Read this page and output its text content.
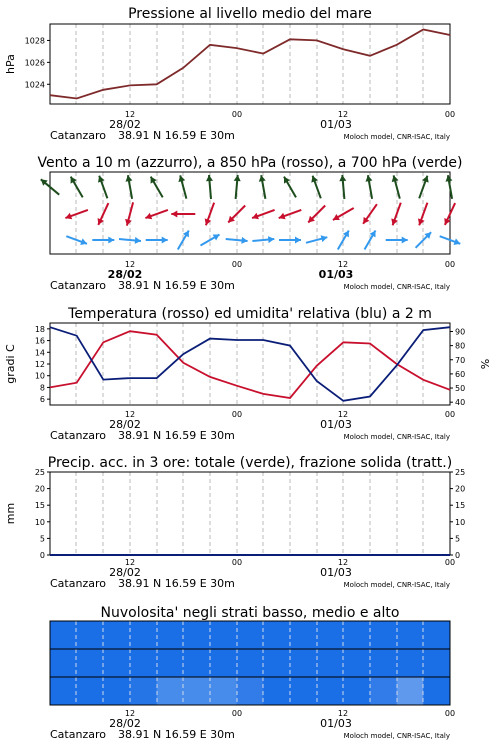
Pressione al livello medio del mare
12	00	12	00
28/02	01/03
Catanzaro 38.91 N 16.59 E 30m	Moloch model, CNR-ISAC, Italy
1024
1026
1028
hPa
Vento a 10 m (azzurro), a 850 hPa (rosso), a 700 hPa (verde)
12	00	12	00
28/02	01/03
Catanzaro 38.91 N 16.59 E 30m	Moloch model, CNR-ISAC, Italy
Temperatura (rosso) ed umidita' relativa (blu) a 2 m
12	00	12	00
28/02	01/03
Catanzaro 38.91 N 16.59 E 30m	Moloch model, CNR-ISAC, Italy
6
8
10
12
14
16
18
40
50
60
70
80
90
gradi C	%
Precip. acc. in 3 ore: totale (verde), frazione solida (tratt.)
12	00	12	00
28/02	01/03
Catanzaro 38.91 N 16.59 E 30m	Moloch model, CNR-ISAC, Italy
0	0
5	5
10	10
15	15
20	20
25	25
mm
Nuvolosita' negli strati basso, medio e alto
12	00	12	00
28/02	01/03
Catanzaro 38.91 N 16.59 E 30m	Moloch model, CNR-ISAC, Italy
